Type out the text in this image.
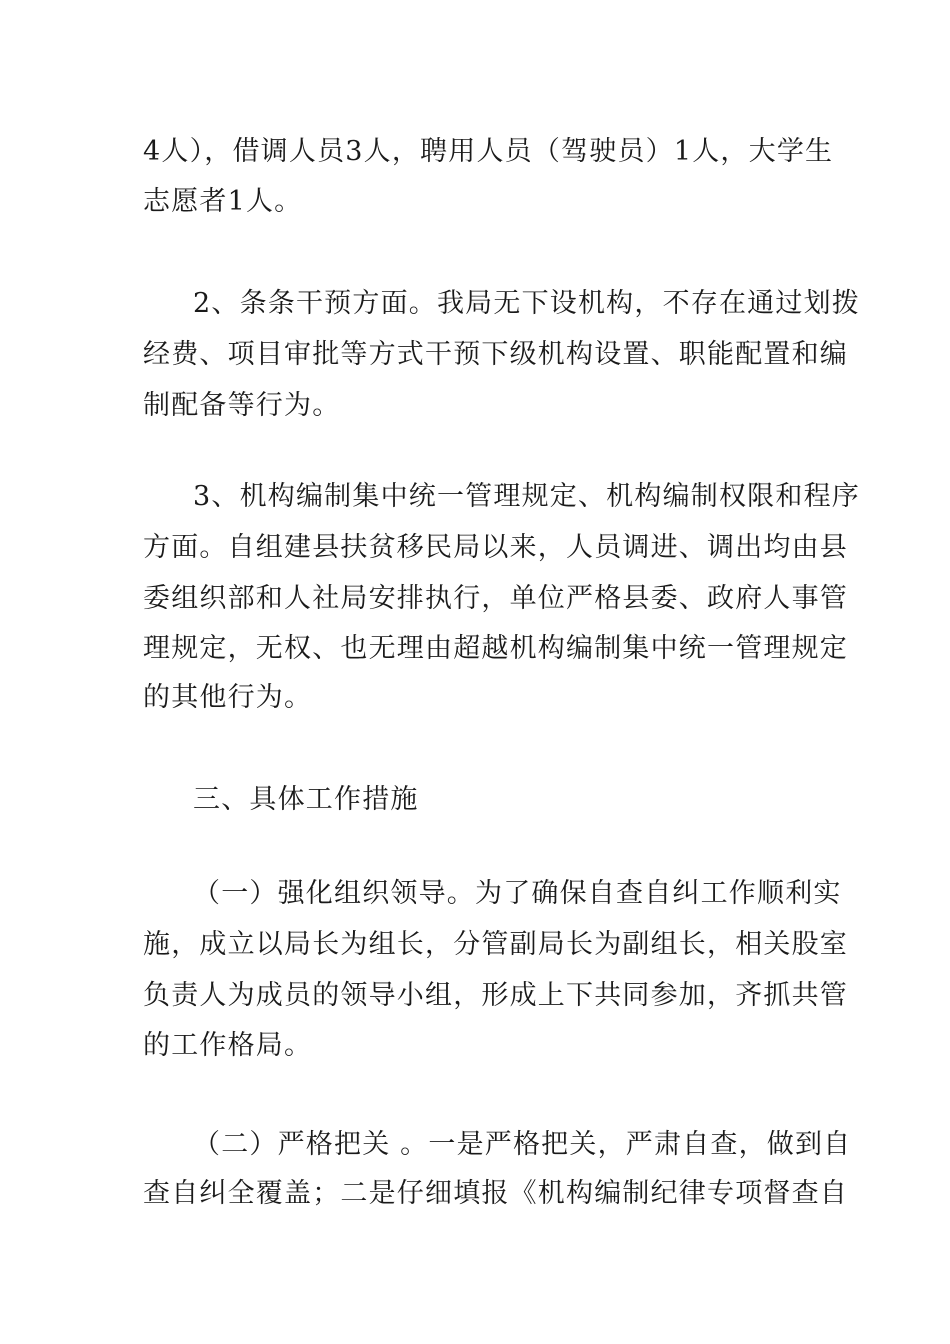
4人），借调人员3人，聘用人员（驾驶员）1人，大学生
志愿者1人。
2、条条干预方面。我局无下设机构，不存在通过划拨
经费、项目审批等方式干预下级机构设置、职能配置和编
制配备等行为。
3、机构编制集中统一管理规定、机构编制权限和程序
方面。自组建县扶贫移民局以来，人员调进、调出均由县
委组织部和人社局安排执行，单位严格县委、政府人事管
理规定，无权、也无理由超越机构编制集中统一管理规定
的其他行为。
三、具体工作措施
（一）强化组织领导。为了确保自查自纠工作顺利实
施，成立以局长为组长，分管副局长为副组长，相关股室
负责人为成员的领导小组，形成上下共同参加，齐抓共管
的工作格局。
（二）严格把关 。一是严格把关，严肃自查，做到自
查自纠全覆盖；二是仔细填报《机构编制纪律专项督查自
